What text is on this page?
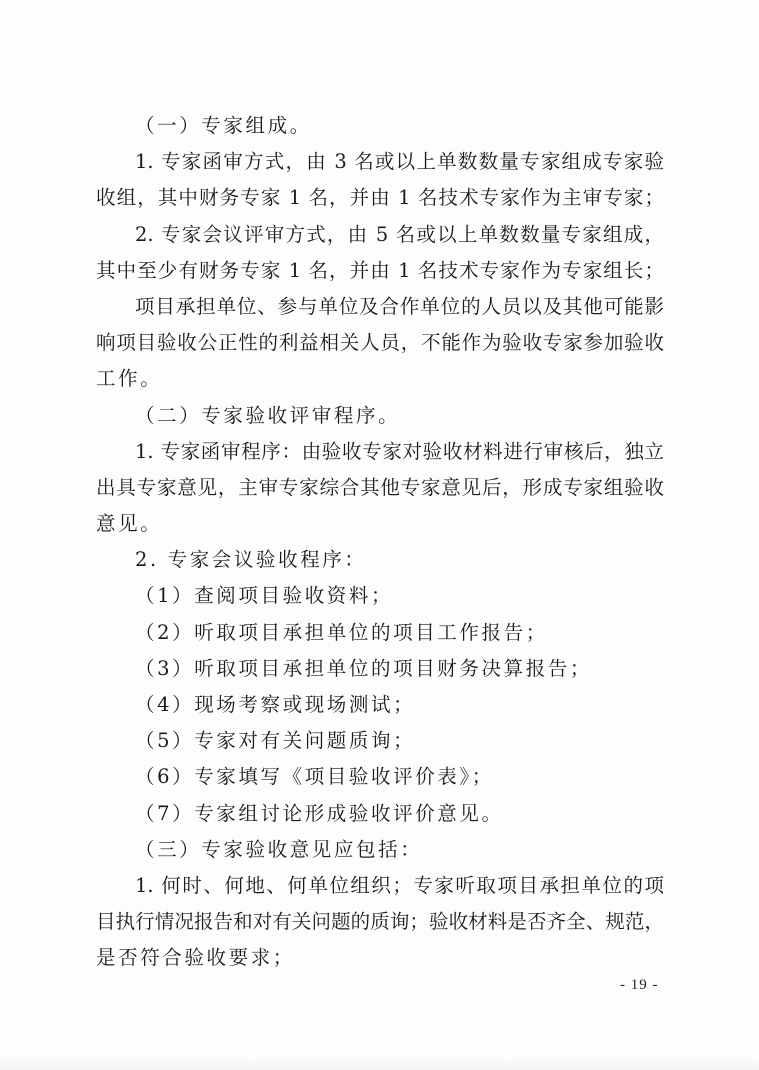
（一）专家组成。
1. 专家函审方式，由 3 名或以上单数数量专家组成专家验
收组，其中财务专家 1 名，并由 1 名技术专家作为主审专家；
2. 专家会议评审方式，由 5 名或以上单数数量专家组成，
其中至少有财务专家 1 名，并由 1 名技术专家作为专家组长；
项目承担单位、参与单位及合作单位的人员以及其他可能影
响项目验收公正性的利益相关人员，不能作为验收专家参加验收
工作。
（二）专家验收评审程序。
1. 专家函审程序：由验收专家对验收材料进行审核后，独立
出具专家意见，主审专家综合其他专家意见后，形成专家组验收
意见。
2. 专家会议验收程序：
（1）查阅项目验收资料；
（2）听取项目承担单位的项目工作报告；
（3）听取项目承担单位的项目财务决算报告；
（4）现场考察或现场测试；
（5）专家对有关问题质询；
（6）专家填写《项目验收评价表》；
（7）专家组讨论形成验收评价意见。
（三）专家验收意见应包括：
1. 何时、何地、何单位组织；专家听取项目承担单位的项
目执行情况报告和对有关问题的质询；验收材料是否齐全、规范，
是否符合验收要求；
- 19 -
